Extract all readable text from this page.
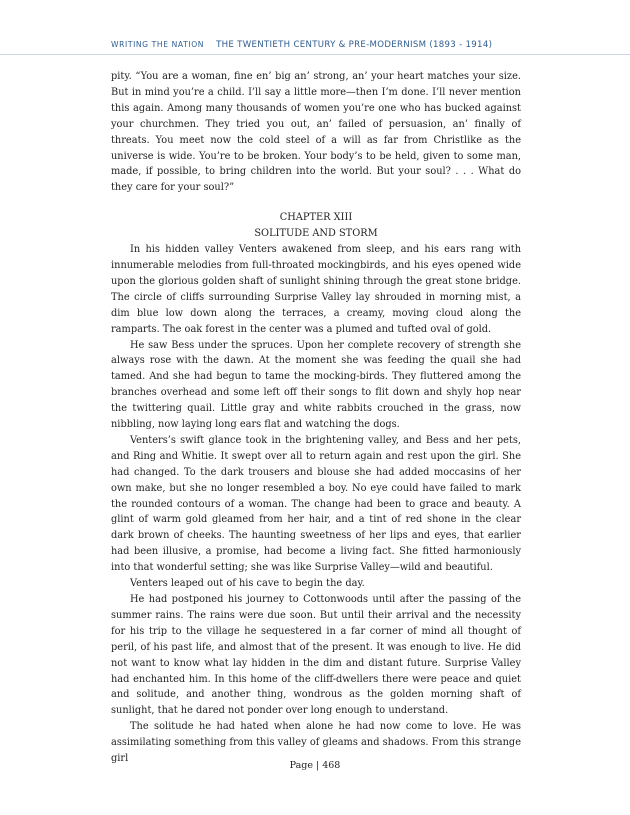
WRITING THE NATION THE TWENTIETH CENTURY & PRE-MODERNISM (1893 - 1914)

pity. “You are a woman, fine en’ big an’ strong, an’ your heart matches your size. But in mind you’re a child. I’ll say a little more—then I’m done. I’ll never mention this again. Among many thousands of women you’re one who has bucked against your churchmen. They tried you out, an’ failed of persuasion, an’ finally of threats. You meet now the cold steel of a will as far from Christlike as the universe is wide. You’re to be broken. Your body’s to be held, given to some man, made, if possible, to bring children into the world. But your soul? . . . What do they care for your soul?”

CHAPTER XIII

SOLITUDE AND STORM

In his hidden valley Venters awakened from sleep, and his ears rang with innumerable melodies from full-throated mockingbirds, and his eyes opened wide upon the glorious golden shaft of sunlight shining through the great stone bridge. The circle of cliffs surrounding Surprise Valley lay shrouded in morning mist, a dim blue low down along the terraces, a creamy, moving cloud along the ramparts. The oak forest in the center was a plumed and tufted oval of gold.

He saw Bess under the spruces. Upon her complete recovery of strength she always rose with the dawn. At the moment she was feeding the quail she had tamed. And she had begun to tame the mocking-birds. They fluttered among the branches overhead and some left off their songs to flit down and shyly hop near the twittering quail. Little gray and white rabbits crouched in the grass, now nibbling, now laying long ears flat and watching the dogs.

Venters’s swift glance took in the brightening valley, and Bess and her pets, and Ring and Whitie. It swept over all to return again and rest upon the girl. She had changed. To the dark trousers and blouse she had added moccasins of her own make, but she no longer resembled a boy. No eye could have failed to mark the rounded contours of a woman. The change had been to grace and beauty. A glint of warm gold gleamed from her hair, and a tint of red shone in the clear dark brown of cheeks. The haunting sweetness of her lips and eyes, that earlier had been illusive, a promise, had become a living fact. She fitted harmoniously into that wonderful setting; she was like Surprise Valley—wild and beautiful.

Venters leaped out of his cave to begin the day.

He had postponed his journey to Cottonwoods until after the passing of the summer rains. The rains were due soon. But until their arrival and the necessity for his trip to the village he sequestered in a far corner of mind all thought of peril, of his past life, and almost that of the present. It was enough to live. He did not want to know what lay hidden in the dim and distant future. Surprise Valley had enchanted him. In this home of the cliff-dwellers there were peace and quiet and solitude, and another thing, wondrous as the golden morning shaft of sunlight, that he dared not ponder over long enough to understand.

The solitude he had hated when alone he had now come to love. He was assimilating something from this valley of gleams and shadows. From this strange girl

Page | 468
